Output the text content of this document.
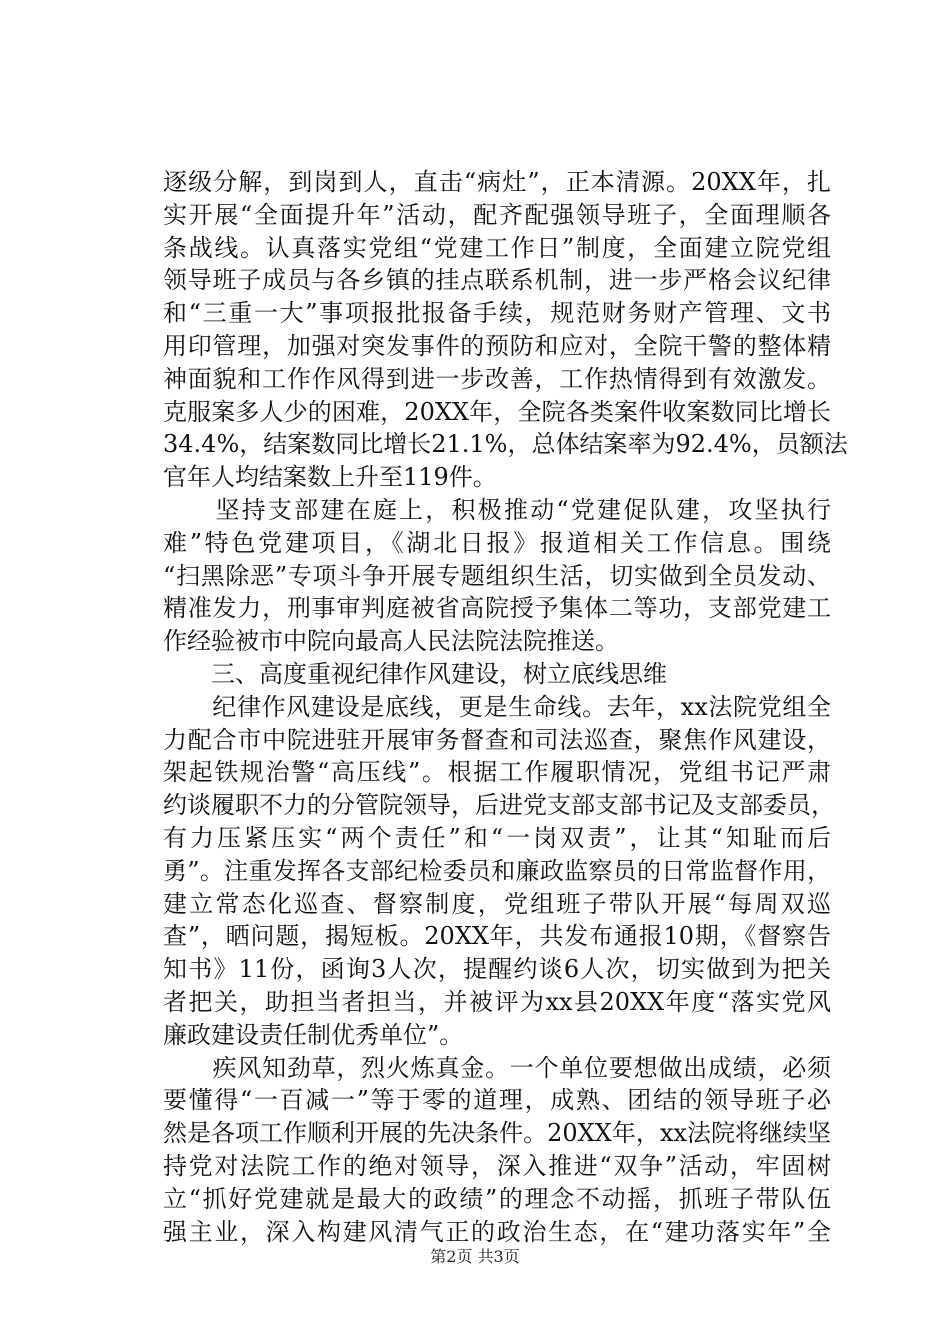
逐级分解，到岗到人，直击“病灶”，正本清源。20XX年，扎
实开展“全面提升年”活动，配齐配强领导班子，全面理顺各
条战线。认真落实党组“党建工作日”制度，全面建立院党组
领导班子成员与各乡镇的挂点联系机制，进一步严格会议纪律
和“三重一大”事项报批报备手续，规范财务财产管理、文书
用印管理，加强对突发事件的预防和应对，全院干警的整体精
神面貌和工作作风得到进一步改善，工作热情得到有效激发。
克服案多人少的困难，20XX年，全院各类案件收案数同比增长
34.4%，结案数同比增长21.1%，总体结案率为92.4%，员额法
官年人均结案数上升至119件。
　　坚持支部建在庭上，积极推动“党建促队建，攻坚执行
难”特色党建项目，《湖北日报》报道相关工作信息。围绕
“扫黑除恶”专项斗争开展专题组织生活，切实做到全员发动、
精准发力，刑事审判庭被省高院授予集体二等功，支部党建工
作经验被市中院向最高人民法院法院推送。
　　三、高度重视纪律作风建设，树立底线思维
　　纪律作风建设是底线，更是生命线。去年，xx法院党组全
力配合市中院进驻开展审务督查和司法巡查，聚焦作风建设，
架起铁规治警“高压线”。根据工作履职情况，党组书记严肃
约谈履职不力的分管院领导，后进党支部支部书记及支部委员，
有力压紧压实“两个责任”和“一岗双责”，让其“知耻而后
勇”。注重发挥各支部纪检委员和廉政监察员的日常监督作用，
建立常态化巡查、督察制度，党组班子带队开展“每周双巡
查”，晒问题，揭短板。20XX年，共发布通报10期，《督察告
知书》11份，函询3人次，提醒约谈6人次，切实做到为把关
者把关，助担当者担当，并被评为xx县20XX年度“落实党风
廉政建设责任制优秀单位”。
　　疾风知劲草，烈火炼真金。一个单位要想做出成绩，必须
要懂得“一百减一”等于零的道理，成熟、团结的领导班子必
然是各项工作顺利开展的先决条件。20XX年，xx法院将继续坚
持党对法院工作的绝对领导，深入推进“双争”活动，牢固树
立“抓好党建就是最大的政绩”的理念不动摇，抓班子带队伍
强主业，深入构建风清气正的政治生态，在“建功落实年”全
第2页 共3页
